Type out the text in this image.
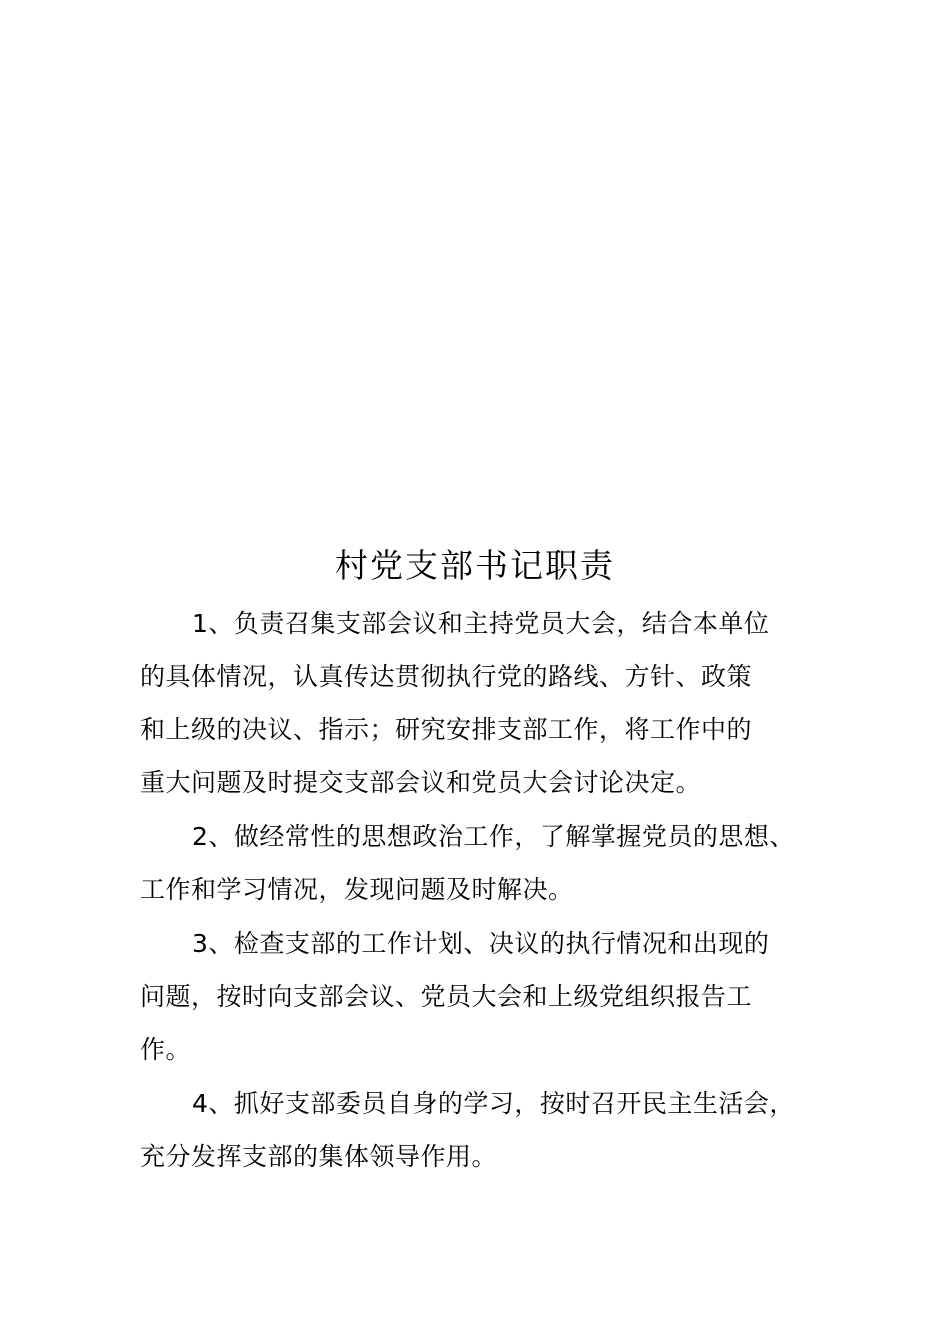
村党支部书记职责
1、负责召集支部会议和主持党员大会，结合本单位
的具体情况，认真传达贯彻执行党的路线、方针、政策
和上级的决议、指示；研究安排支部工作，将工作中的
重大问题及时提交支部会议和党员大会讨论决定。
2、做经常性的思想政治工作，了解掌握党员的思想、
工作和学习情况，发现问题及时解决。
3、检查支部的工作计划、决议的执行情况和出现的
问题，按时向支部会议、党员大会和上级党组织报告工
作。
4、抓好支部委员自身的学习，按时召开民主生活会，
充分发挥支部的集体领导作用。
